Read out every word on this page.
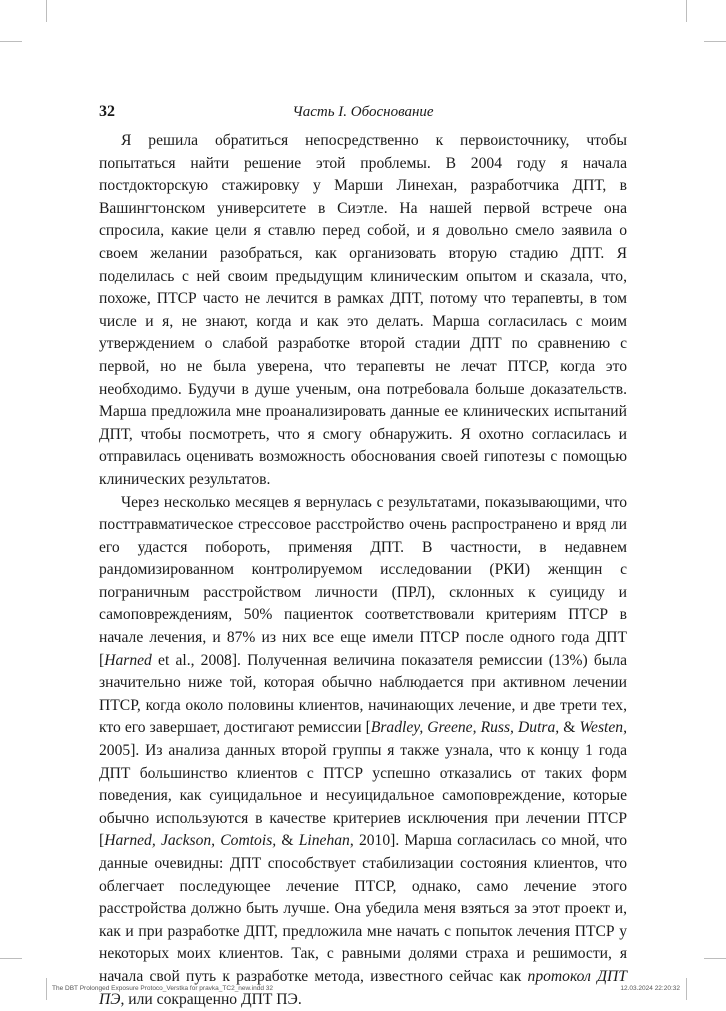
32	Часть I. Обоснование

Я решила обратиться непосредственно к первоисточнику, чтобы попытаться найти решение этой проблемы. В 2004 году я начала постдокторскую стажировку у Марши Линехан, разработчика ДПТ, в Вашингтонском университете в Сиэтле. На нашей первой встрече она спросила, какие цели я ставлю перед собой, и я довольно смело заявила о своем желании разобраться, как организовать вторую стадию ДПТ. Я поделилась с ней своим предыдущим клиническим опытом и сказала, что, похоже, ПТСР часто не лечится в рамках ДПТ, потому что терапевты, в том числе и я, не знают, когда и как это делать. Марша согласилась с моим утверждением о слабой разработке второй стадии ДПТ по сравнению с первой, но не была уверена, что терапевты не лечат ПТСР, когда это необходимо. Будучи в душе ученым, она потребовала больше доказательств. Марша предложила мне проанализировать данные ее клинических испытаний ДПТ, чтобы посмотреть, что я смогу обнаружить. Я охотно согласилась и отправилась оценивать возможность обоснования своей гипотезы с помощью клинических результатов.

Через несколько месяцев я вернулась с результатами, показывающими, что посттравматическое стрессовое расстройство очень распространено и вряд ли его удастся побороть, применяя ДПТ. В частности, в недавнем рандомизированном контролируемом исследовании (РКИ) женщин с пограничным расстройством личности (ПРЛ), склонных к суициду и самоповреждениям, 50% пациенток соответствовали критериям ПТСР в начале лечения, и 87% из них все еще имели ПТСР после одного года ДПТ [Harned et al., 2008]. Полученная величина показателя ремиссии (13%) была значительно ниже той, которая обычно наблюдается при активном лечении ПТСР, когда около половины клиентов, начинающих лечение, и две трети тех, кто его завершает, достигают ремиссии [Bradley, Greene, Russ, Dutra, & Westen, 2005]. Из анализа данных второй группы я также узнала, что к концу 1 года ДПТ большинство клиентов с ПТСР успешно отказались от таких форм поведения, как суицидальное и несуицидальное самоповреждение, которые обычно используются в качестве критериев исключения при лечении ПТСР [Harned, Jackson, Comtois, & Linehan, 2010]. Марша согласилась со мной, что данные очевидны: ДПТ способствует стабилизации состояния клиентов, что облегчает последующее лечение ПТСР, однако, само лечение этого расстройства должно быть лучше. Она убедила меня взяться за этот проект и, как и при разработке ДПТ, предложила мне начать с попыток лечения ПТСР у некоторых моих клиентов. Так, с равными долями страха и решимости, я начала свой путь к разработке метода, известного сейчас как протокол ДПТ ПЭ, или сокращенно ДПТ ПЭ.

The DBT Prolonged Exposure Protoco_Verstka for pravka_TC2_new.indd 32	12.03.2024 22:20:32
